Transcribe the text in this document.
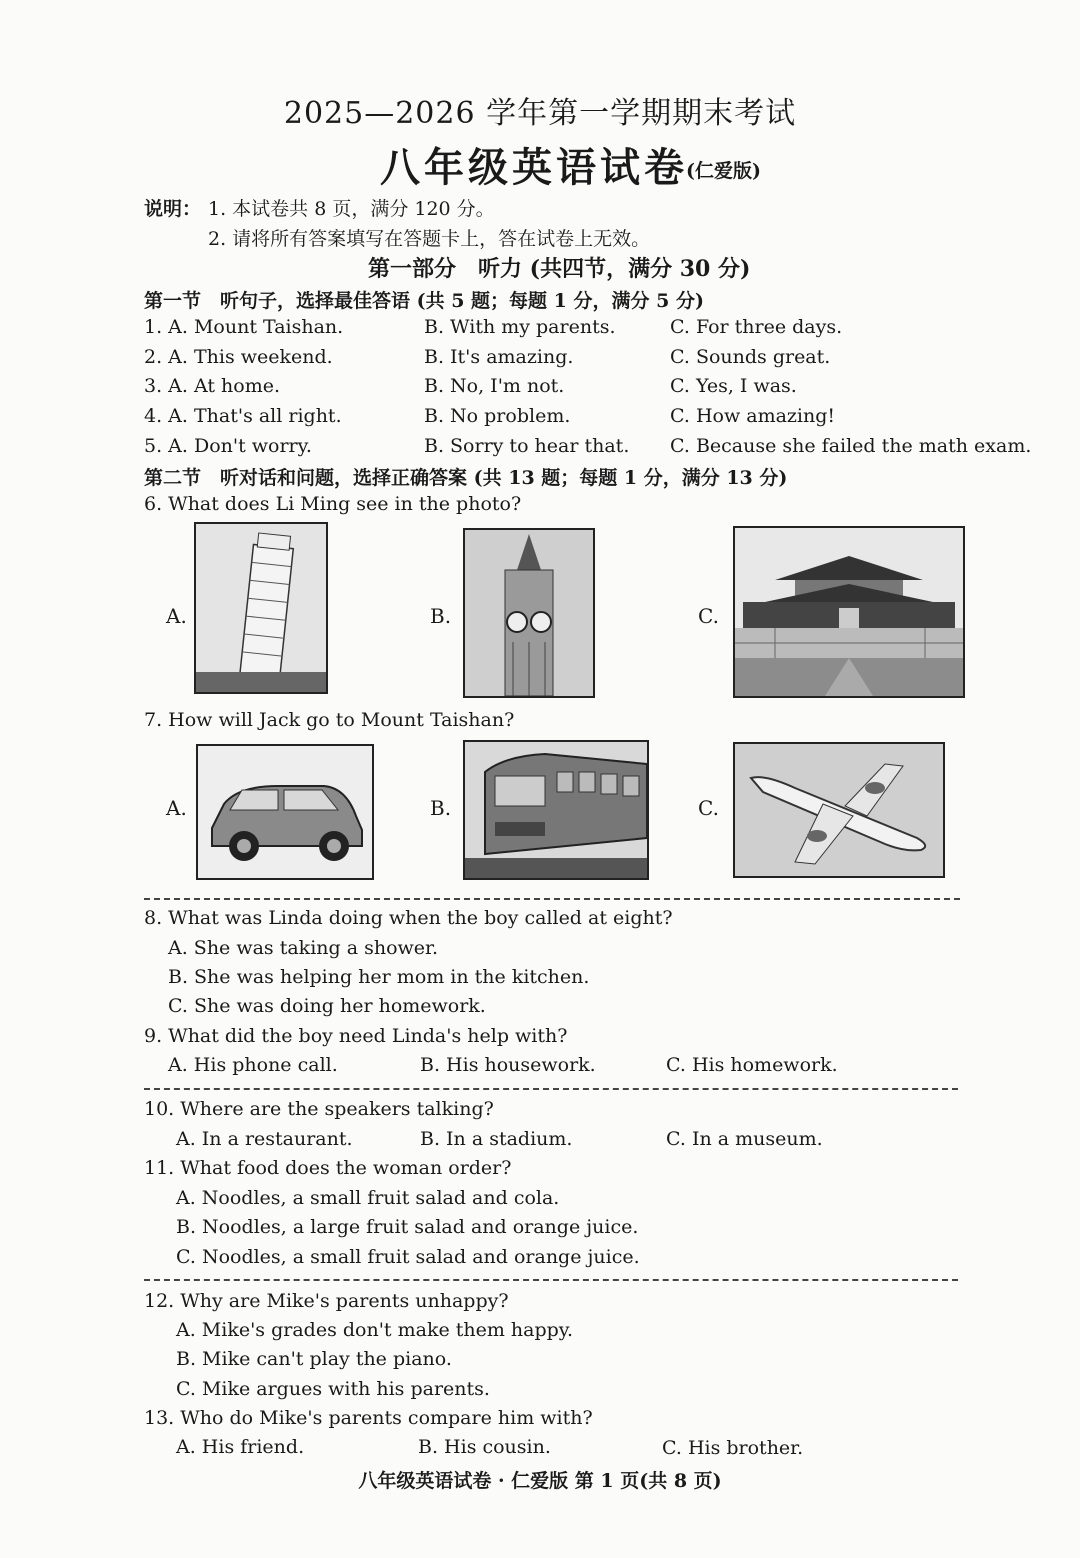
2025—2026 学年第一学期期末考试
八年级英语试卷
(仁爱版)
说明： 1. 本试卷共 8 页，满分 120 分。
2. 请将所有答案填写在答题卡上，答在试卷上无效。
第一部分　听力 (共四节，满分 30 分)
第一节　听句子，选择最佳答语 (共 5 题；每题 1 分，满分 5 分)
1. A. Mount Taishan.	B. With my parents.	C. For three days.
2. A. This weekend.	B. It's amazing.	C. Sounds great.
3. A. At home.	B. No, I'm not.	C. Yes, I was.
4. A. That's all right.	B. No problem.	C. How amazing!
5. A. Don't worry.	B. Sorry to hear that. C. Because she failed the math exam.
第二节　听对话和问题，选择正确答案 (共 13 题；每题 1 分，满分 13 分)
6. What does Li Ming see in the photo?
A.	B.	C.
7. How will Jack go to Mount Taishan?
A.	B.	C.
8. What was Linda doing when the boy called at eight?
A. She was taking a shower.
B. She was helping her mom in the kitchen.
C. She was doing her homework.
9. What did the boy need Linda's help with?
A. His phone call.	B. His housework.	C. His homework.
10. Where are the speakers talking?
A. In a restaurant.	B. In a stadium.	C. In a museum.
11. What food does the woman order?
A. Noodles, a small fruit salad and cola.
B. Noodles, a large fruit salad and orange juice.
C. Noodles, a small fruit salad and orange juice.
12. Why are Mike's parents unhappy?
A. Mike's grades don't make them happy.
B. Mike can't play the piano.
C. Mike argues with his parents.
13. Who do Mike's parents compare him with?
A. His friend.	B. His cousin.	C. His brother.
八年级英语试卷 · 仁爱版 第 1 页(共 8 页)
